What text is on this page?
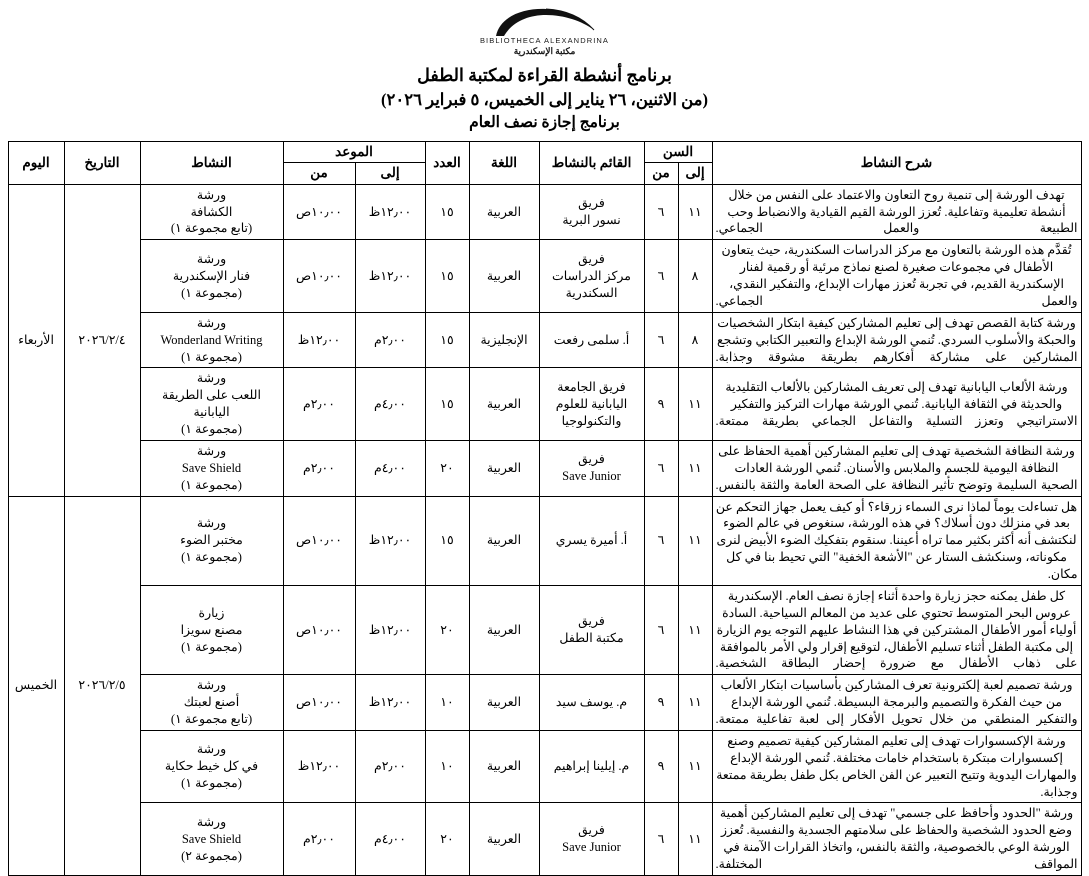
BIBLIOTHECA ALEXANDRINA
مكتبة الإسكندرية
برنامج أنشطة القراءة لمكتبة الطفل
(من الاثنين، ٢٦ يناير إلى الخميس، ٥ فبراير ٢٠٢٦)
برنامج إجازة نصف العام
شرح النشاط	السن		القائم بالنشاط	اللغة	العدد	الموعد		النشاط	التاريخ	اليوم
	إلى	من				إلى	من			
تهدف الورشة إلى تنمية روح التعاون والاعتماد على النفس من خلال أنشطة تعليمية وتفاعلية. تُعزز الورشة القيم القيادية والانضباط وحب الطبيعة والعمل الجماعي.	١١	٦	فريق
نسور البرية	العربية	١٥	١٢٫٠٠ظ	١٠٫٠٠ص	ورشة
الكشافة
(تابع مجموعة ١)	٢٠٢٦/٢/٤	الأربعاء
تُقدَّم هذه الورشة بالتعاون مع مركز الدراسات السكندرية، حيث يتعاون الأطفال في مجموعات صغيرة لصنع نماذج مرئية أو رقمية لفنار الإسكندرية القديم، في تجربة تُعزز مهارات الإبداع، والتفكير النقدي، والعمل الجماعي.	٨	٦	فريق
مركز الدراسات السكندرية	العربية	١٥	١٢٫٠٠ظ	١٠٫٠٠ص	ورشة
فنار الإسكندرية
(مجموعة ١)
ورشة كتابة القصص تهدف إلى تعليم المشاركين كيفية ابتكار الشخصيات والحبكة والأسلوب السردي. تُنمي الورشة الإبداع والتعبير الكتابي وتشجع المشاركين على مشاركة أفكارهم بطريقة مشوقة وجذابة.	٨	٦	أ. سلمى رفعت	الإنجليزية	١٥	٢٫٠٠م	١٢٫٠٠ظ	ورشة
Wonderland Writing
(مجموعة ١)		
ورشة الألعاب اليابانية تهدف إلى تعريف المشاركين بالألعاب التقليدية والحديثة في الثقافة اليابانية. تُنمي الورشة مهارات التركيز والتفكير الاستراتيجي وتعزز التسلية والتفاعل الجماعي بطريقة ممتعة.	١١	٩	فريق الجامعة
اليابانية للعلوم والتكنولوجيا	العربية	١٥	٤٫٠٠م	٢٫٠٠م	ورشة
اللعب على الطريقة اليابانية
(مجموعة ١)		
ورشة النظافة الشخصية تهدف إلى تعليم المشاركين أهمية الحفاظ على النظافة اليومية للجسم والملابس والأسنان. تُنمي الورشة العادات الصحية السليمة وتوضح تأثير النظافة على الصحة العامة والثقة بالنفس.	١١	٦	فريق
Save Junior	العربية	٢٠	٤٫٠٠م	٢٫٠٠م	ورشة
Save Shield
(مجموعة ١)		
هل تساءلت يوماً لماذا نرى السماء زرقاء؟ أو كيف يعمل جهاز التحكم عن بعد في منزلك دون أسلاك؟ في هذه الورشة، سنغوص في عالم الضوء لنكتشف أنه أكثر بكثير مما تراه أعيننا. سنقوم بتفكيك الضوء الأبيض لنرى مكوناته، وسنكشف الستار عن "الأشعة الخفية" التي تحيط بنا في كل مكان.	١١	٦	أ. أميرة يسري	العربية	١٥	١٢٫٠٠ظ	١٠٫٠٠ص	ورشة
مختبر الضوء
(مجموعة ١)	٢٠٢٦/٢/٥	الخميس
كل طفل يمكنه حجز زيارة واحدة أثناء إجازة نصف العام. الإسكندرية عروس البحر المتوسط تحتوي على عديد من المعالم السياحية. السادة أولياء أمور الأطفال المشتركين في هذا النشاط عليهم التوجه يوم الزيارة إلى مكتبة الطفل أثناء تسليم الأطفال، لتوقيع إقرار ولي الأمر بالموافقة على ذهاب الأطفال مع ضرورة إحضار البطاقة الشخصية.	١١	٦	فريق
مكتبة الطفل	العربية	٢٠	١٢٫٠٠ظ	١٠٫٠٠ص	زيارة
مصنع سويزا
(مجموعة ١)
ورشة تصميم لعبة إلكترونية تعرف المشاركين بأساسيات ابتكار الألعاب من حيث الفكرة والتصميم والبرمجة البسيطة. تُنمي الورشة الإبداع والتفكير المنطقي من خلال تحويل الأفكار إلى لعبة تفاعلية ممتعة.	١١	٩	م. يوسف سيد	العربية	١٠	١٢٫٠٠ظ	١٠٫٠٠ص	ورشة
أصنع لعبتك
(تابع مجموعة ١)		
ورشة الإكسسوارات تهدف إلى تعليم المشاركين كيفية تصميم وصنع إكسسوارات مبتكرة باستخدام خامات مختلفة. تُنمي الورشة الإبداع والمهارات اليدوية وتتيح التعبير عن الفن الخاص بكل طفل بطريقة ممتعة وجذابة.	١١	٩	م. إيلينا إبراهيم	العربية	١٠	٢٫٠٠م	١٢٫٠٠ظ	ورشة
في كل خيط حكاية
(مجموعة ١)		
ورشة "الحدود وأحافظ على جسمي" تهدف إلى تعليم المشاركين أهمية وضع الحدود الشخصية والحفاظ على سلامتهم الجسدية والنفسية. تُعزز الورشة الوعي بالخصوصية، والثقة بالنفس، واتخاذ القرارات الآمنة في المواقف المختلفة.	١١	٦	فريق
Save Junior	العربية	٢٠	٤٫٠٠م	٢٫٠٠م	ورشة
Save Shield
(مجموعة ٢)
